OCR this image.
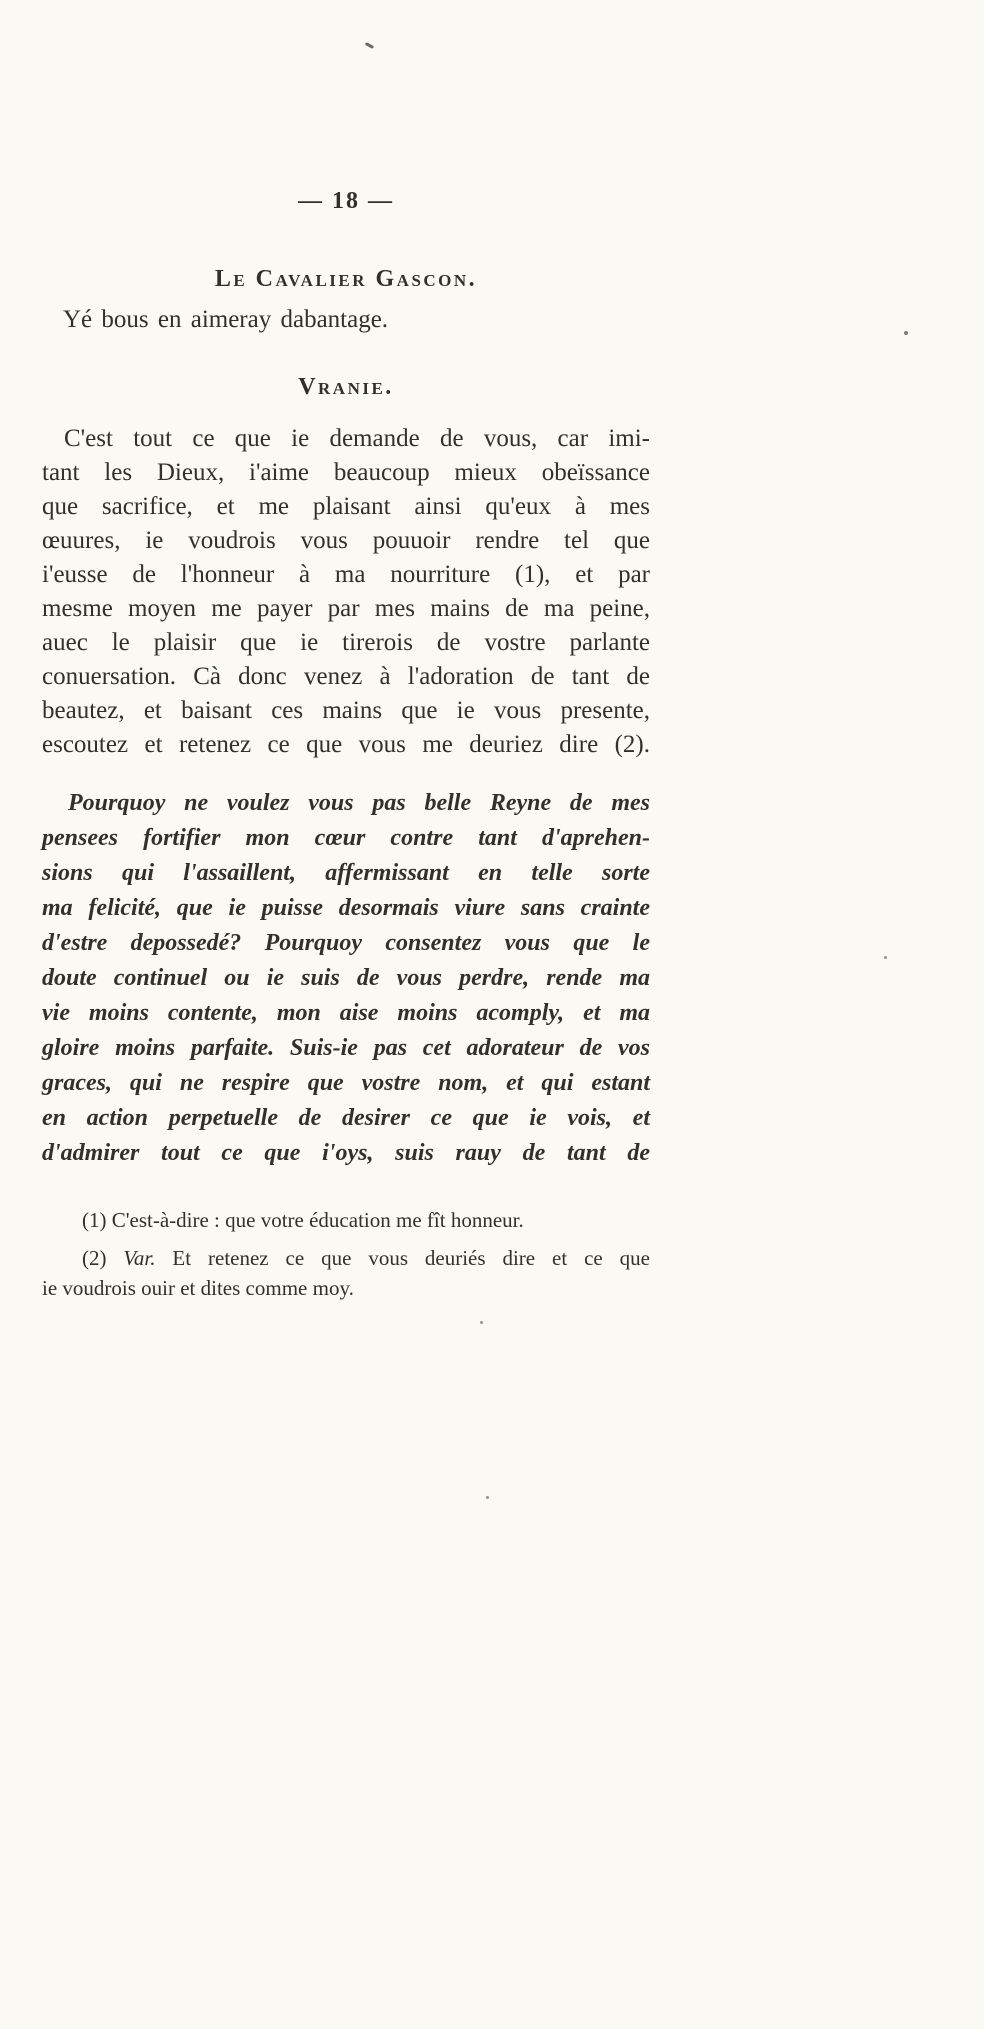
— 18 —
Le Cavalier Gascon.

Yé bous en aimeray dabantage.

Vranie.
C'est tout ce que ie demande de vous, car imi-
tant les Dieux, i'aime beaucoup mieux obeïssance
que sacrifice, et me plaisant ainsi qu'eux à mes
œuures, ie voudrois vous pouuoir rendre tel que
i'eusse de l'honneur à ma nourriture (1), et par
mesme moyen me payer par mes mains de ma peine,
auec le plaisir que ie tirerois de vostre parlante
conuersation. Cà donc venez à l'adoration de tant de
beautez, et baisant ces mains que ie vous presente,
escoutez et retenez ce que vous me deuriez dire (2).
Pourquoy ne voulez vous pas belle Reyne de mes
pensees fortifier mon cœur contre tant d'aprehen-
sions qui l'assaillent, affermissant en telle sorte
ma felicité, que ie puisse desormais viure sans crainte
d'estre depossedé? Pourquoy consentez vous que le
doute continuel ou ie suis de vous perdre, rende ma
vie moins contente, mon aise moins acomply, et ma
gloire moins parfaite. Suis-ie pas cet adorateur de vos
graces, qui ne respire que vostre nom, et qui estant
en action perpetuelle de desirer ce que ie vois, et
d'admirer tout ce que i'oys, suis rauy de tant de

(1) C'est-à-dire : que votre éducation me fît honneur.

(2) Var. Et retenez ce que vous deuriés dire et ce que

ie voudrois ouir et dites comme moy.
